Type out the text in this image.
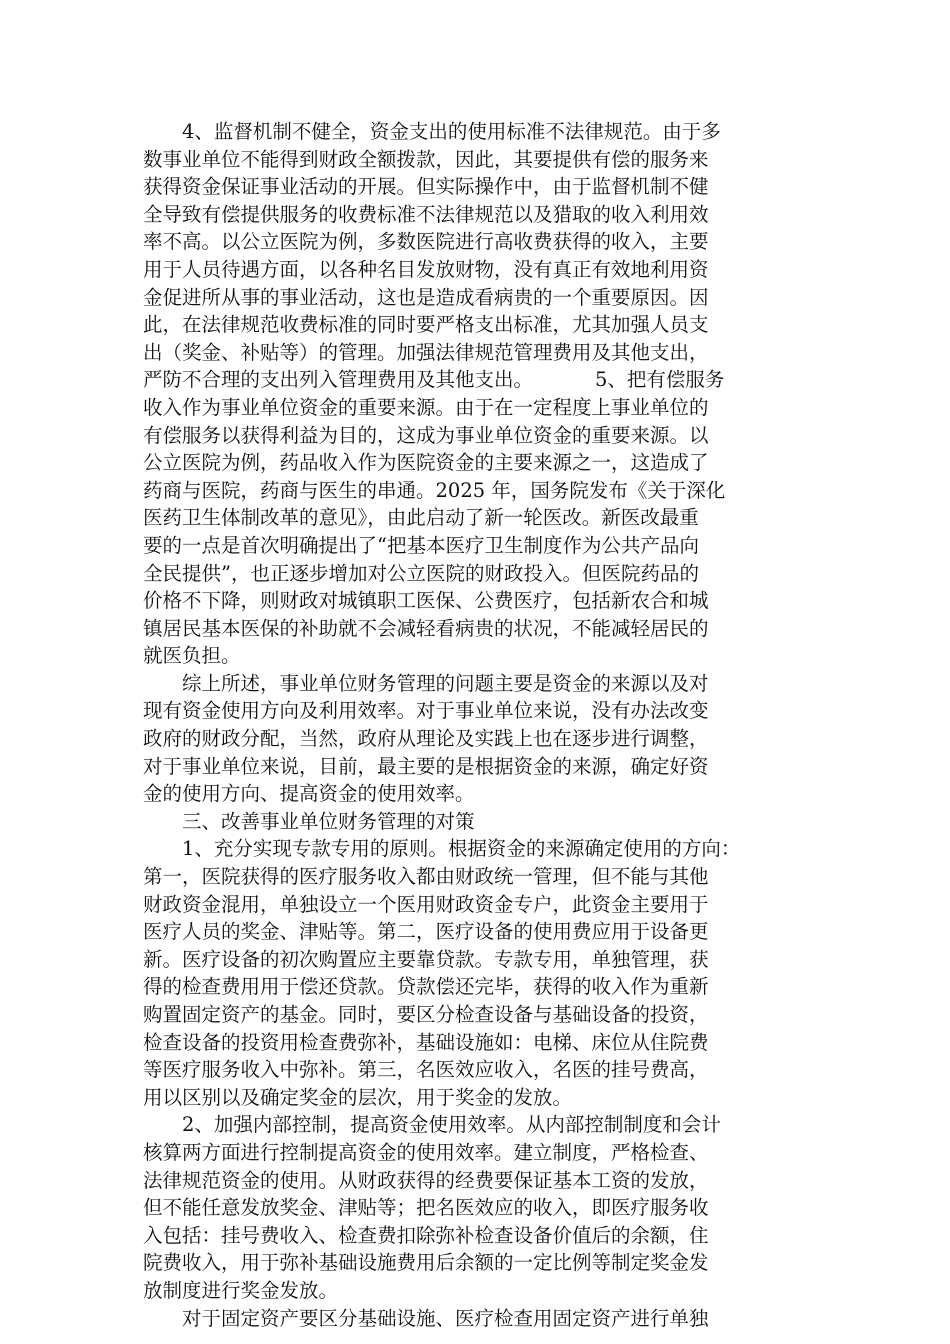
4、监督机制不健全，资金支出的使用标准不法律规范。由于多
数事业单位不能得到财政全额拨款，因此，其要提供有偿的服务来
获得资金保证事业活动的开展。但实际操作中，由于监督机制不健
全导致有偿提供服务的收费标准不法律规范以及猎取的收入利用效
率不高。以公立医院为例，多数医院进行高收费获得的收入，主要
用于人员待遇方面，以各种名目发放财物，没有真正有效地利用资
金促进所从事的事业活动，这也是造成看病贵的一个重要原因。因
此，在法律规范收费标准的同时要严格支出标准，尤其加强人员支
出（奖金、补贴等）的管理。加强法律规范管理费用及其他支出，
严防不合理的支出列入管理费用及其他支出。          5、把有偿服务
收入作为事业单位资金的重要来源。由于在一定程度上事业单位的
有偿服务以获得利益为目的，这成为事业单位资金的重要来源。以
公立医院为例，药品收入作为医院资金的主要来源之一，这造成了
药商与医院，药商与医生的串通。2025 年，国务院发布《关于深化
医药卫生体制改革的意见》，由此启动了新一轮医改。新医改最重
要的一点是首次明确提出了“把基本医疗卫生制度作为公共产品向
全民提供”，也正逐步增加对公立医院的财政投入。但医院药品的
价格不下降，则财政对城镇职工医保、公费医疗，包括新农合和城
镇居民基本医保的补助就不会减轻看病贵的状况，不能减轻居民的
就医负担。
综上所述，事业单位财务管理的问题主要是资金的来源以及对
现有资金使用方向及利用效率。对于事业单位来说，没有办法改变
政府的财政分配，当然，政府从理论及实践上也在逐步进行调整，
对于事业单位来说，目前，最主要的是根据资金的来源，确定好资
金的使用方向、提高资金的使用效率。
三、改善事业单位财务管理的对策
1、充分实现专款专用的原则。根据资金的来源确定使用的方向：
第一，医院获得的医疗服务收入都由财政统一管理，但不能与其他
财政资金混用，单独设立一个医用财政资金专户，此资金主要用于
医疗人员的奖金、津贴等。第二，医疗设备的使用费应用于设备更
新。医疗设备的初次购置应主要靠贷款。专款专用，单独管理，获
得的检查费用用于偿还贷款。贷款偿还完毕，获得的收入作为重新
购置固定资产的基金。同时，要区分检查设备与基础设备的投资，
检查设备的投资用检查费弥补，基础设施如：电梯、床位从住院费
等医疗服务收入中弥补。第三，名医效应收入，名医的挂号费高，
用以区别以及确定奖金的层次，用于奖金的发放。
2、加强内部控制，提高资金使用效率。从内部控制制度和会计
核算两方面进行控制提高资金的使用效率。建立制度，严格检查、
法律规范资金的使用。从财政获得的经费要保证基本工资的发放，
但不能任意发放奖金、津贴等；把名医效应的收入，即医疗服务收
入包括：挂号费收入、检查费扣除弥补检查设备价值后的余额，住
院费收入，用于弥补基础设施费用后余额的一定比例等制定奖金发
放制度进行奖金发放。
对于固定资产要区分基础设施、医疗检查用固定资产进行单独
